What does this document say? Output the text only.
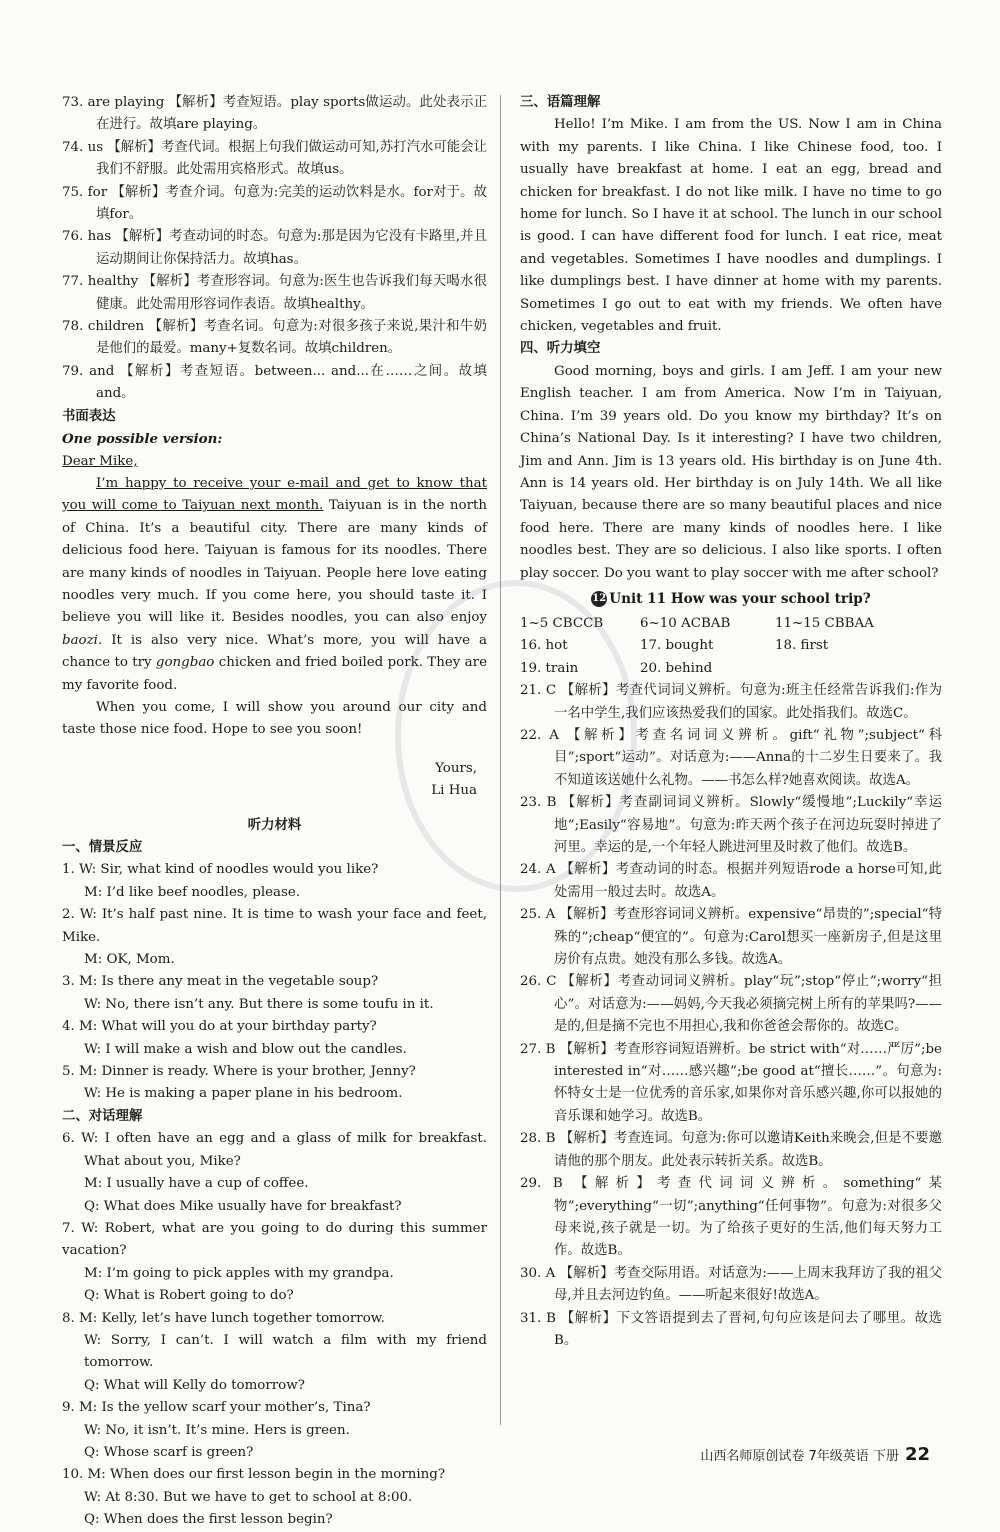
73. are playing 【解析】考查短语。play sports做运动。此处表示正在进行。故填are playing。

74. us 【解析】考查代词。根据上句我们做运动可知,苏打汽水可能会让我们不舒服。此处需用宾格形式。故填us。

75. for 【解析】考查介词。句意为:完美的运动饮料是水。for对于。故填for。

76. has 【解析】考查动词的时态。句意为:那是因为它没有卡路里,并且运动期间让你保持活力。故填has。

77. healthy 【解析】考查形容词。句意为:医生也告诉我们每天喝水很健康。此处需用形容词作表语。故填healthy。

78. children 【解析】考查名词。句意为:对很多孩子来说,果汁和牛奶是他们的最爱。many+复数名词。故填children。

79. and 【解析】考查短语。between... and...在……之间。故填and。

书面表达

One possible version:

Dear Mike,

I’m happy to receive your e-mail and get to know that you will come to Taiyuan next month. Taiyuan is in the north of China. It’s a beautiful city. There are many kinds of delicious food here. Taiyuan is famous for its noodles. There are many kinds of noodles in Taiyuan. People here love eating noodles very much. If you come here, you should taste it. I believe you will like it. Besides noodles, you can also enjoy baozi. It is also very nice. What’s more, you will have a chance to try gongbao chicken and fried boiled pork. They are my favorite food.

When you come, I will show you around our city and taste those nice food. Hope to see you soon!

Yours,

Li Hua

听力材料

一、情景反应

1. W: Sir, what kind of noodles would you like?

M: I’d like beef noodles, please.

2. W: It’s half past nine. It is time to wash your face and feet, Mike.

M: OK, Mom.

3. M: Is there any meat in the vegetable soup?

W: No, there isn’t any. But there is some toufu in it.

4. M: What will you do at your birthday party?

W: I will make a wish and blow out the candles.

5. M: Dinner is ready. Where is your brother, Jenny?

W: He is making a paper plane in his bedroom.

二、对话理解

6. W: I often have an egg and a glass of milk for breakfast. What about you, Mike?

M: I usually have a cup of coffee.

Q: What does Mike usually have for breakfast?

7. W: Robert, what are you going to do during this summer vacation?

M: I’m going to pick apples with my grandpa.

Q: What is Robert going to do?

8. M: Kelly, let’s have lunch together tomorrow.

W: Sorry, I can’t. I will watch a film with my friend tomorrow.

Q: What will Kelly do tomorrow?

9. M: Is the yellow scarf your mother’s, Tina?

W: No, it isn’t. It’s mine. Hers is green.

Q: Whose scarf is green?

10. M: When does our first lesson begin in the morning?

W: At 8:30. But we have to get to school at 8:00.

Q: When does the first lesson begin?

三、语篇理解

Hello! I’m Mike. I am from the US. Now I am in China with my parents. I like China. I like Chinese food, too. I usually have breakfast at home. I eat an egg, bread and chicken for breakfast. I do not like milk. I have no time to go home for lunch. So I have it at school. The lunch in our school is good. I can have different food for lunch. I eat rice, meat and vegetables. Sometimes I have noodles and dumplings. I like dumplings best. I have dinner at home with my parents. Sometimes I go out to eat with my friends. We often have chicken, vegetables and fruit.

四、听力填空

Good morning, boys and girls. I am Jeff. I am your new English teacher. I am from America. Now I’m in Taiyuan, China. I’m 39 years old. Do you know my birthday? It’s on China’s National Day. Is it interesting? I have two children, Jim and Ann. Jim is 13 years old. His birthday is on June 4th. Ann is 14 years old. Her birthday is on July 14th. We all like Taiyuan, because there are so many beautiful places and nice food here. There are many kinds of noodles here. I like noodles best. They are so delicious. I also like sports. I often play soccer. Do you want to play soccer with me after school?

12 Unit 11 How was your school trip?

1~5 CBCCB	6~10 ACBAB	11~15 CBBAA
16. hot	17. bought	18. first
19. train	20. behind

21. C 【解析】考查代词词义辨析。句意为:班主任经常告诉我们:作为一名中学生,我们应该热爱我们的国家。此处指我们。故选C。

22. A 【解析】考查名词词义辨析。gift“礼物”;subject“科目”;sport“运动”。对话意为:——Anna的十二岁生日要来了。我不知道该送她什么礼物。——书怎么样?她喜欢阅读。故选A。

23. B 【解析】考查副词词义辨析。Slowly“缓慢地”;Luckily“幸运地”;Easily“容易地”。句意为:昨天两个孩子在河边玩耍时掉进了河里。幸运的是,一个年轻人跳进河里及时救了他们。故选B。

24. A 【解析】考查动词的时态。根据并列短语rode a horse可知,此处需用一般过去时。故选A。

25. A 【解析】考查形容词词义辨析。expensive“昂贵的”;special“特殊的”;cheap“便宜的”。句意为:Carol想买一座新房子,但是这里房价有点贵。她没有那么多钱。故选A。

26. C 【解析】考查动词词义辨析。play“玩”;stop“停止”;worry“担心”。对话意为:——妈妈,今天我必须摘完树上所有的苹果吗?——是的,但是摘不完也不用担心,我和你爸爸会帮你的。故选C。

27. B 【解析】考查形容词短语辨析。be strict with“对……严厉”;be interested in“对……感兴趣”;be good at“擅长……”。句意为:怀特女士是一位优秀的音乐家,如果你对音乐感兴趣,你可以报她的音乐课和她学习。故选B。

28. B 【解析】考查连词。句意为:你可以邀请Keith来晚会,但是不要邀请他的那个朋友。此处表示转折关系。故选B。

29. B 【解析】考查代词词义辨析。something“某物”;everything“一切”;anything“任何事物”。句意为:对很多父母来说,孩子就是一切。为了给孩子更好的生活,他们每天努力工作。故选B。

30. A 【解析】考查交际用语。对话意为:——上周末我拜访了我的祖父母,并且去河边钓鱼。——听起来很好!故选A。

31. B 【解析】下文答语提到去了晋祠,句句应该是问去了哪里。故选B。

山西名师原创试卷 7年级英语 下册 22
